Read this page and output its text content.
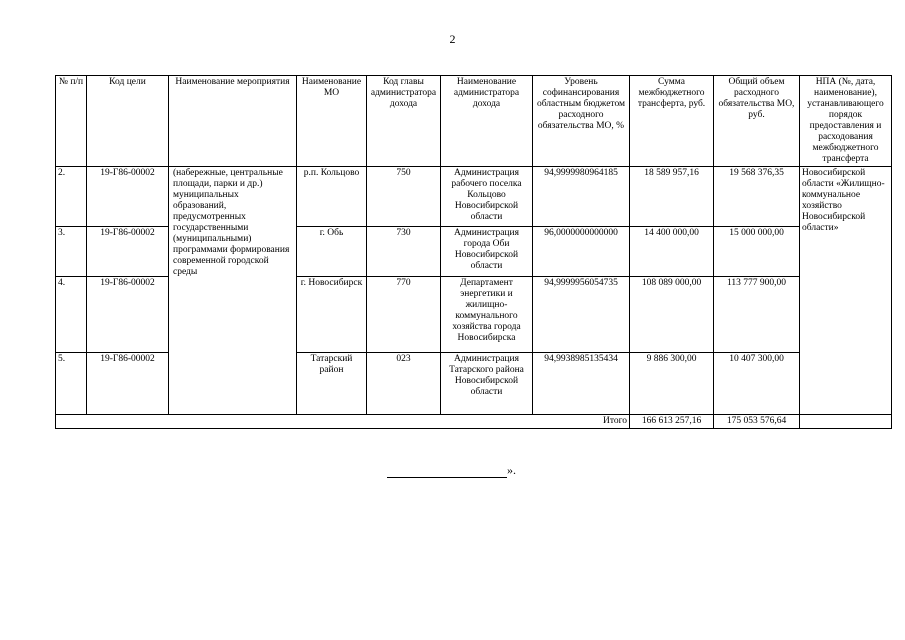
2
№ п/п	Код цели	Наименование мероприятия	Наименование МО	Код главы администратора дохода	Наименование администратора дохода	Уровень софинансирования областным бюджетом расходного обязательства МО, %	Сумма межбюджетного трансферта, руб.	Общий объем расходного обязательства МО, руб.	НПА (№, дата, наименование), устанавливающего порядок предоставления и расходования межбюджетного трансферта
2.	19-Г86-00002	(набережные, центральные площади, парки и др.) муниципальных образований, предусмотренных государственными (муниципальными) программами формирования современной городской среды	р.п. Кольцово	750	Администрация рабочего поселка Кольцово Новосибирской области	94,9999980964185	18 589 957,16	19 568 376,35	Новосибирской области «Жилищно-коммунальное хозяйство Новосибирской области»
3.	19-Г86-00002		г. Обь	730	Администрация города Оби Новосибирской области	96,0000000000000	14 400 000,00	15 000 000,00	
4.	19-Г86-00002		г. Новосибирск	770	Департамент энергетики и жилищно-коммунального хозяйства города Новосибирска	94,9999956054735	108 089 000,00	113 777 900,00	
5.	19-Г86-00002		Татарский район	023	Администрация Татарского района Новосибирской области	94,9938985135434	9 886 300,00	10 407 300,00	
Итого							166 613 257,16	175 053 576,64	
».
